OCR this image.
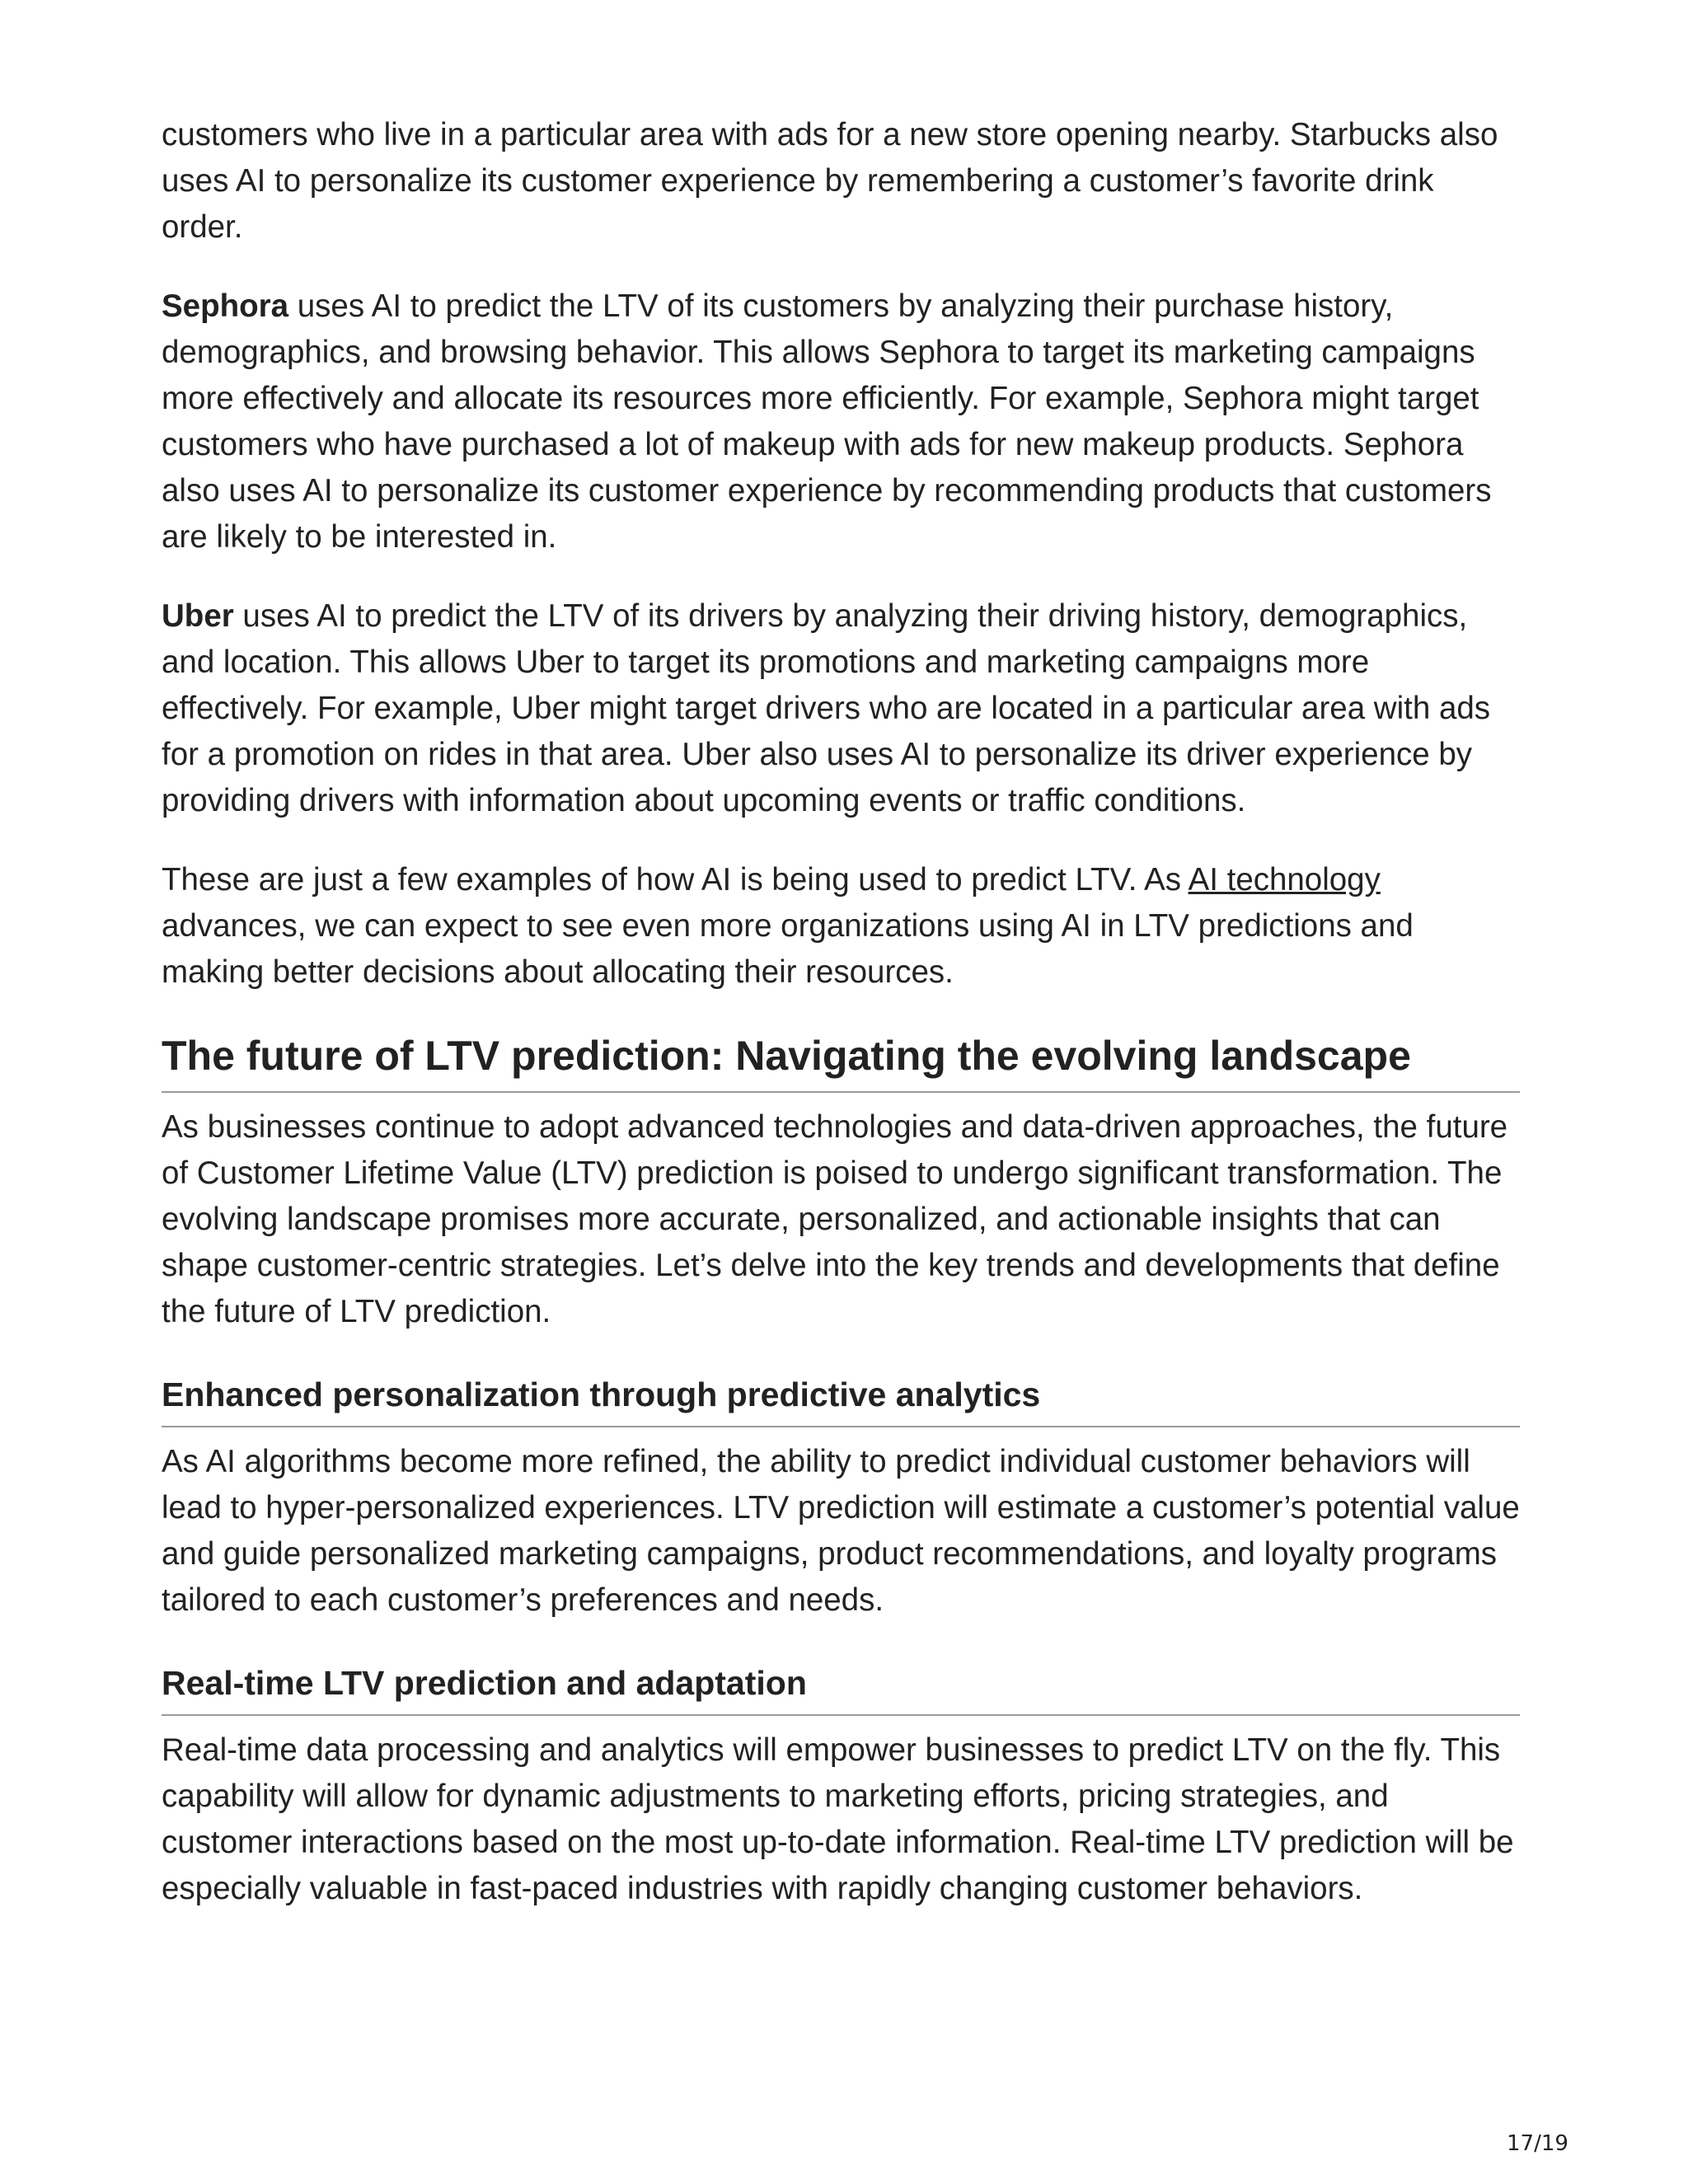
customers who live in a particular area with ads for a new store opening nearby. Starbucks also uses AI to personalize its customer experience by remembering a customer’s favorite drink order.

Sephora uses AI to predict the LTV of its customers by analyzing their purchase history, demographics, and browsing behavior. This allows Sephora to target its marketing campaigns more effectively and allocate its resources more efficiently. For example, Sephora might target customers who have purchased a lot of makeup with ads for new makeup products. Sephora also uses AI to personalize its customer experience by recommending products that customers are likely to be interested in.

Uber uses AI to predict the LTV of its drivers by analyzing their driving history, demographics, and location. This allows Uber to target its promotions and marketing campaigns more effectively. For example, Uber might target drivers who are located in a particular area with ads for a promotion on rides in that area. Uber also uses AI to personalize its driver experience by providing drivers with information about upcoming events or traffic conditions.

These are just a few examples of how AI is being used to predict LTV. As AI technology advances, we can expect to see even more organizations using AI in LTV predictions and making better decisions about allocating their resources.

The future of LTV prediction: Navigating the evolving landscape

As businesses continue to adopt advanced technologies and data-driven approaches, the future of Customer Lifetime Value (LTV) prediction is poised to undergo significant transformation. The evolving landscape promises more accurate, personalized, and actionable insights that can shape customer-centric strategies. Let’s delve into the key trends and developments that define the future of LTV prediction.

Enhanced personalization through predictive analytics

As AI algorithms become more refined, the ability to predict individual customer behaviors will lead to hyper-personalized experiences. LTV prediction will estimate a customer’s potential value and guide personalized marketing campaigns, product recommendations, and loyalty programs tailored to each customer’s preferences and needs.

Real-time LTV prediction and adaptation

Real-time data processing and analytics will empower businesses to predict LTV on the fly. This capability will allow for dynamic adjustments to marketing efforts, pricing strategies, and customer interactions based on the most up-to-date information. Real-time LTV prediction will be especially valuable in fast-paced industries with rapidly changing customer behaviors.

17/19
